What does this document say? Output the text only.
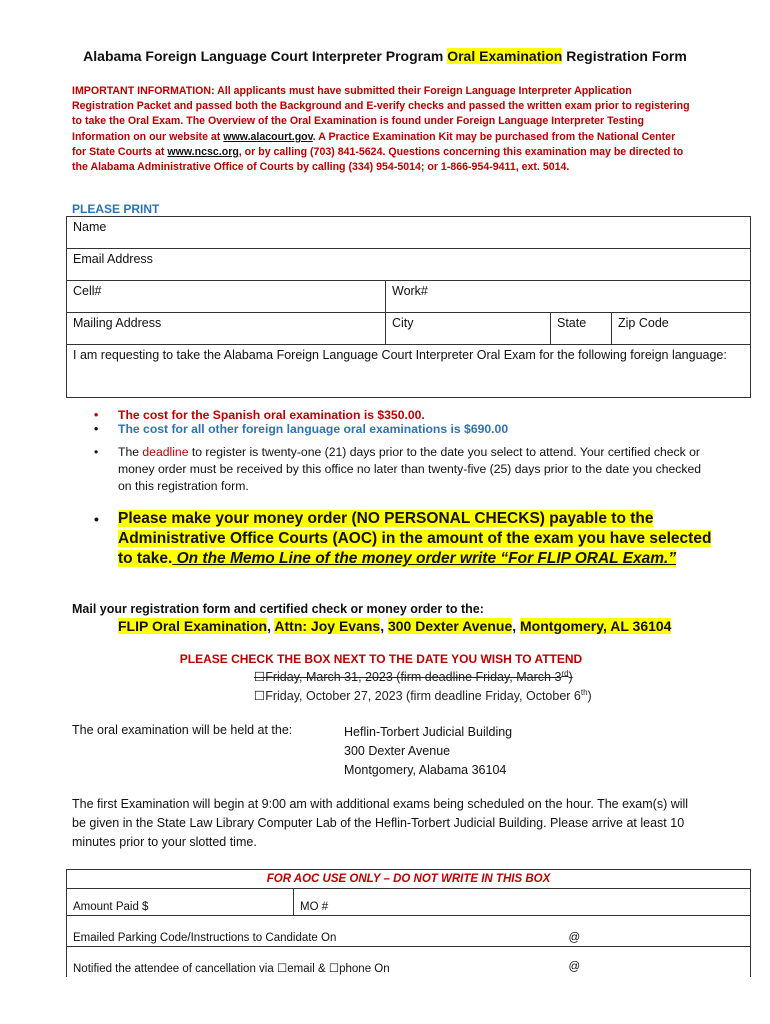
Alabama Foreign Language Court Interpreter Program Oral Examination Registration Form
IMPORTANT INFORMATION: All applicants must have submitted their Foreign Language Interpreter Application Registration Packet and passed both the Background and E-verify checks and passed the written exam prior to registering to take the Oral Exam. The Overview of the Oral Examination is found under Foreign Language Interpreter Testing Information on our website at www.alacourt.gov. A Practice Examination Kit may be purchased from the National Center for State Courts at www.ncsc.org, or by calling (703) 841-5624. Questions concerning this examination may be directed to the Alabama Administrative Office of Courts by calling (334) 954-5014; or 1-866-954-9411, ext. 5014.
PLEASE PRINT
Name			
Email Address			
Cell#	Work#		
Mailing Address	City	State	Zip Code
I am requesting to take the Alabama Foreign Language Court Interpreter Oral Exam for the following foreign language:			

• The cost for the Spanish oral examination is $350.00.

• The cost for all other foreign language oral examinations is $690.00

• The deadline to register is twenty-one (21) days prior to the date you select to attend. Your certified check or money order must be received by this office no later than twenty-five (25) days prior to the date you checked on this registration form.

• Please make your money order (NO PERSONAL CHECKS) payable to the Administrative Office Courts (AOC) in the amount of the exam you have selected to take. On the Memo Line of the money order write “For FLIP ORAL Exam.”

Mail your registration form and certified check or money order to the:
FLIP Oral Examination, Attn: Joy Evans, 300 Dexter Avenue, Montgomery, AL 36104
PLEASE CHECK THE BOX NEXT TO THE DATE YOU WISH TO ATTEND
☐Friday, March 31, 2023 (firm deadline Friday, March 3rd)
☐Friday, October 27, 2023 (firm deadline Friday, October 6th)
The oral examination will be held at the:	Heflin-Torbert Judicial Building
300 Dexter Avenue
Montgomery, Alabama 36104
The first Examination will begin at 9:00 am with additional exams being scheduled on the hour. The exam(s) will be given in the State Law Library Computer Lab of the Heflin-Torbert Judicial Building. Please arrive at least 10 minutes prior to your slotted time.
FOR AOC USE ONLY – DO NOT WRITE IN THIS BOX
Amount Paid $	MO #
Emailed Parking Code/Instructions to Candidate On	@

Notified the attendee of cancellation via ☐email & ☐phone On	@
